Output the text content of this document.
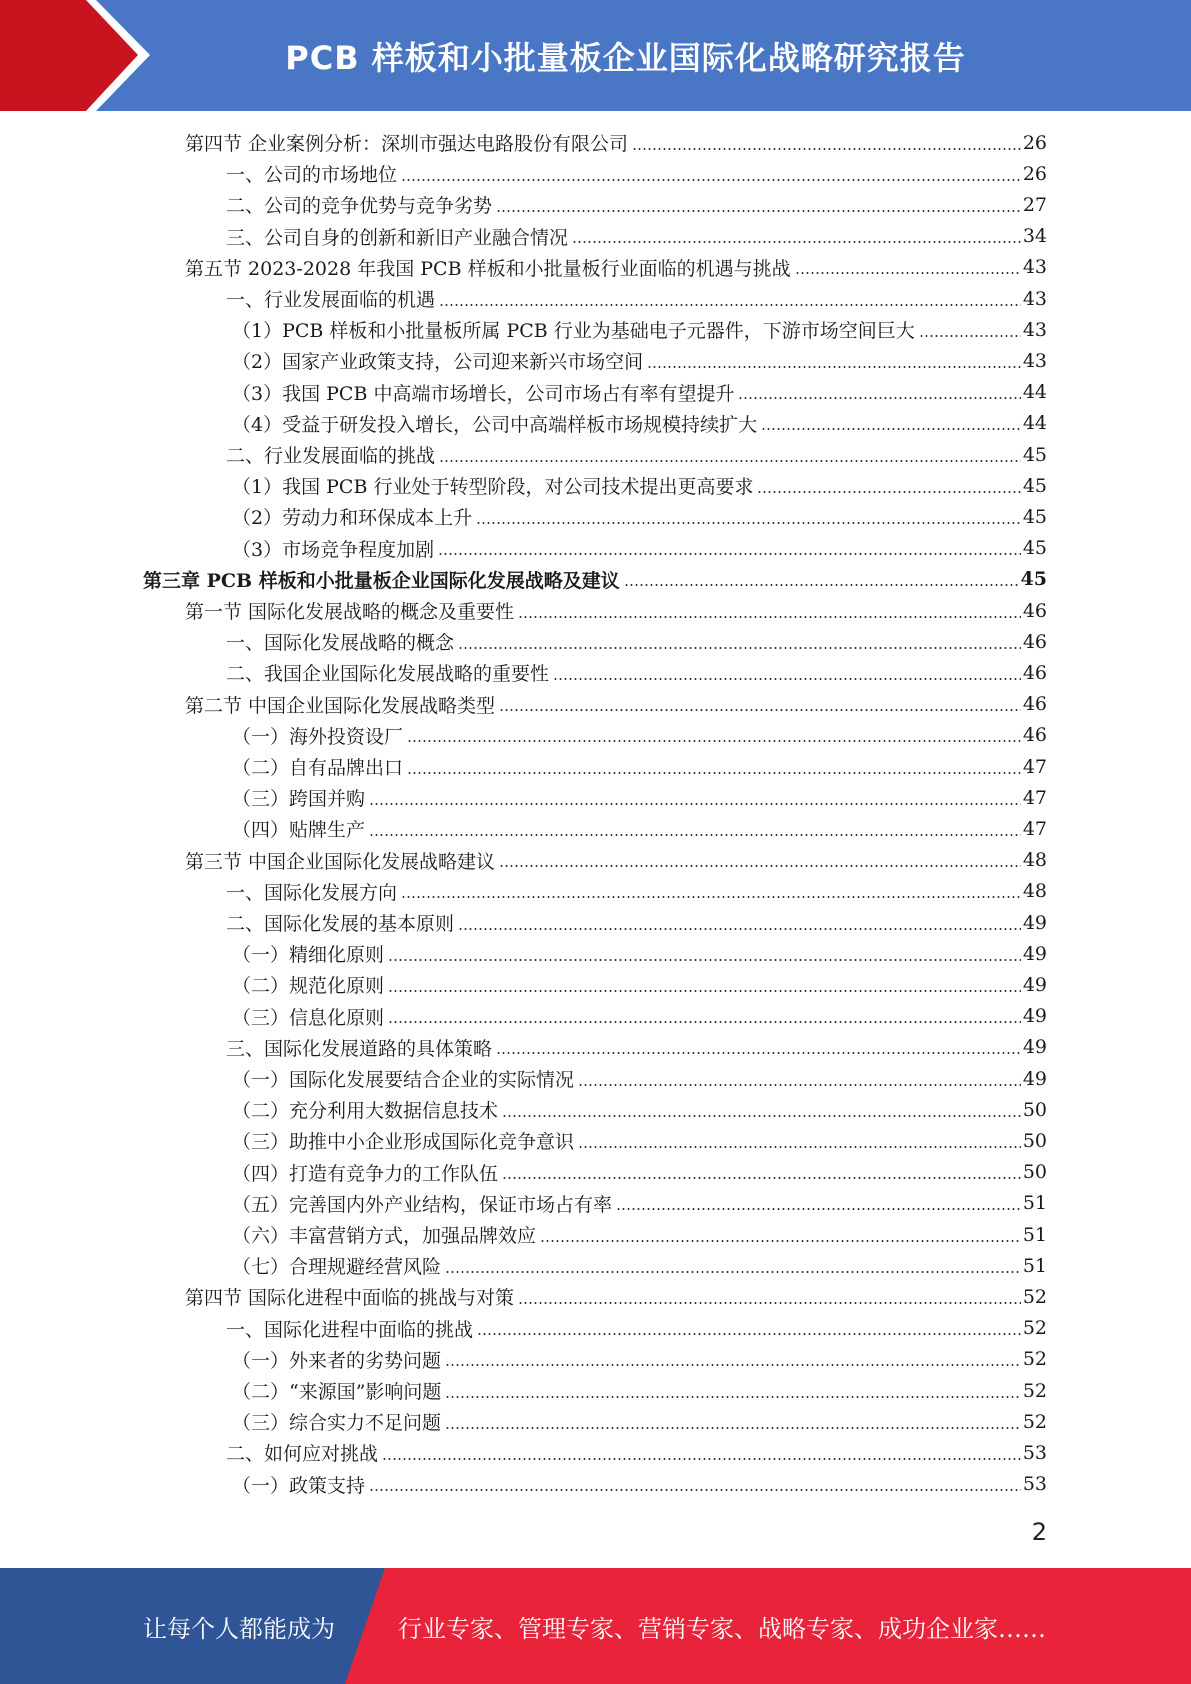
PCB 样板和小批量板企业国际化战略研究报告
第四节 企业案例分析：深圳市强达电路股份有限公司	26
一、公司的市场地位	26
二、公司的竞争优势与竞争劣势	27
三、公司自身的创新和新旧产业融合情况	34
第五节 2023-2028 年我国 PCB 样板和小批量板行业面临的机遇与挑战	43
一、行业发展面临的机遇	43
（1）PCB 样板和小批量板所属 PCB 行业为基础电子元器件，下游市场空间巨大	43
（2）国家产业政策支持，公司迎来新兴市场空间	43
（3）我国 PCB 中高端市场增长，公司市场占有率有望提升	44
（4）受益于研发投入增长，公司中高端样板市场规模持续扩大	44
二、行业发展面临的挑战	45
（1）我国 PCB 行业处于转型阶段，对公司技术提出更高要求	45
（2）劳动力和环保成本上升	45
（3）市场竞争程度加剧	45
第三章 PCB 样板和小批量板企业国际化发展战略及建议	45
第一节 国际化发展战略的概念及重要性	46
一、国际化发展战略的概念	46
二、我国企业国际化发展战略的重要性	46
第二节 中国企业国际化发展战略类型	46
（一）海外投资设厂	46
（二）自有品牌出口	47
（三）跨国并购	47
（四）贴牌生产	47
第三节 中国企业国际化发展战略建议	48
一、国际化发展方向	48
二、国际化发展的基本原则	49
（一）精细化原则	49
（二）规范化原则	49
（三）信息化原则	49
三、国际化发展道路的具体策略	49
（一）国际化发展要结合企业的实际情况	49
（二）充分利用大数据信息技术	50
（三）助推中小企业形成国际化竞争意识	50
（四）打造有竞争力的工作队伍	50
（五）完善国内外产业结构，保证市场占有率	51
（六）丰富营销方式，加强品牌效应	51
（七）合理规避经营风险	51
第四节 国际化进程中面临的挑战与对策	52
一、国际化进程中面临的挑战	52
（一）外来者的劣势问题	52
（二）“来源国”影响问题	52
（三）综合实力不足问题	52
二、如何应对挑战	53
（一）政策支持	53
2
让每个人都能成为	行业专家、管理专家、营销专家、战略专家、成功企业家……
